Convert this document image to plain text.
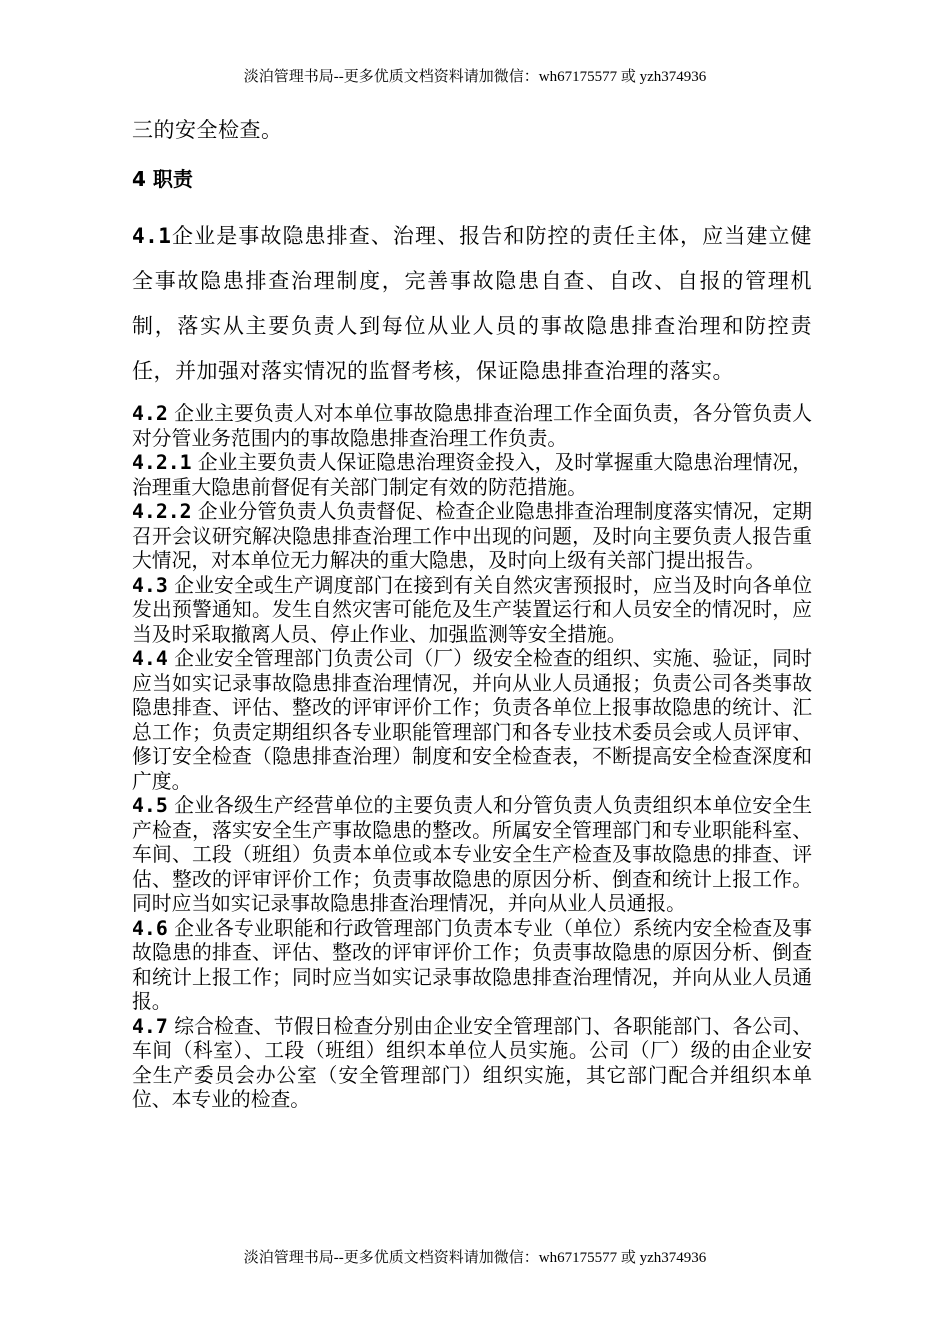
淡泊管理书局--更多优质文档资料请加微信：wh67175577 或 yzh374936

三的安全检查。

4 职责

4.1企业是事故隐患排查、治理、报告和防控的责任主体，应当建立健全事故隐患排查治理制度，完善事故隐患自查、自改、自报的管理机制，落实从主要负责人到每位从业人员的事故隐患排查治理和防控责任，并加强对落实情况的监督考核，保证隐患排查治理的落实。

4.2 企业主要负责人对本单位事故隐患排查治理工作全面负责，各分管负责人对分管业务范围内的事故隐患排查治理工作负责。

4.2.1 企业主要负责人保证隐患治理资金投入，及时掌握重大隐患治理情况，治理重大隐患前督促有关部门制定有效的防范措施。

4.2.2 企业分管负责人负责督促、检查企业隐患排查治理制度落实情况，定期召开会议研究解决隐患排查治理工作中出现的问题，及时向主要负责人报告重大情况，对本单位无力解决的重大隐患，及时向上级有关部门提出报告。

4.3 企业安全或生产调度部门在接到有关自然灾害预报时，应当及时向各单位发出预警通知。发生自然灾害可能危及生产装置运行和人员安全的情况时，应当及时采取撤离人员、停止作业、加强监测等安全措施。

4.4 企业安全管理部门负责公司（厂）级安全检查的组织、实施、验证，同时应当如实记录事故隐患排查治理情况，并向从业人员通报；负责公司各类事故隐患排查、评估、整改的评审评价工作；负责各单位上报事故隐患的统计、汇总工作；负责定期组织各专业职能管理部门和各专业技术委员会或人员评审、修订安全检查（隐患排查治理）制度和安全检查表，不断提高安全检查深度和广度。

4.5 企业各级生产经营单位的主要负责人和分管负责人负责组织本单位安全生产检查，落实安全生产事故隐患的整改。所属安全管理部门和专业职能科室、车间、工段（班组）负责本单位或本专业安全生产检查及事故隐患的排查、评估、整改的评审评价工作；负责事故隐患的原因分析、倒查和统计上报工作。同时应当如实记录事故隐患排查治理情况，并向从业人员通报。

4.6 企业各专业职能和行政管理部门负责本专业（单位）系统内安全检查及事故隐患的排查、评估、整改的评审评价工作；负责事故隐患的原因分析、倒查和统计上报工作；同时应当如实记录事故隐患排查治理情况，并向从业人员通报。

4.7 综合检查、节假日检查分别由企业安全管理部门、各职能部门、各公司、车间（科室）、工段（班组）组织本单位人员实施。公司（厂）级的由企业安全生产委员会办公室（安全管理部门）组织实施，其它部门配合并组织本单位、本专业的检查。

淡泊管理书局--更多优质文档资料请加微信：wh67175577 或 yzh374936
